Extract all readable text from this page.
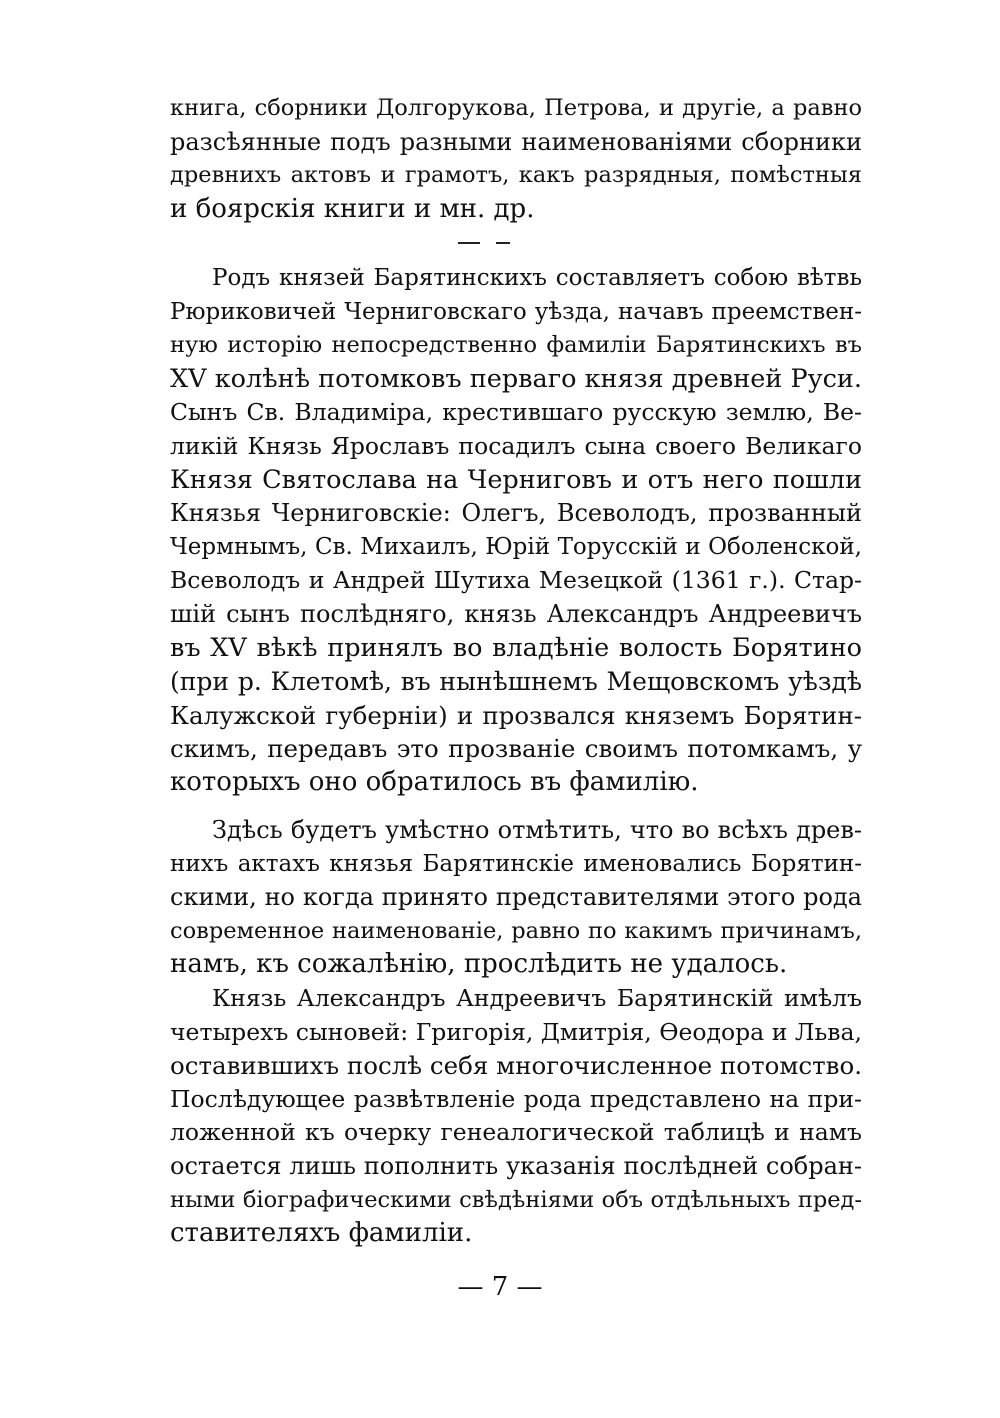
книга, сборники Долгорукова, Петрова, и другіе, а равно
разсѣянные подъ разными наименованіями сборники
древнихъ актовъ и грамотъ, какъ разрядныя, помѣстныя
и боярскія книги и мн. др.
Родъ князей Барятинскихъ составляетъ собою вѣтвь
Рюриковичей Черниговскаго уѣзда, начавъ преемствен-
ную исторію непосредственно фамиліи Барятинскихъ въ
XV колѣнѣ потомковъ перваго князя древней Руси.
Сынъ Св. Владиміра, крестившаго русскую землю, Ве-
ликій Князь Ярославъ посадилъ сына своего Великаго
Князя Святослава на Черниговъ и отъ него пошли
Князья Черниговскіе: Олегъ, Всеволодъ, прозванный
Чермнымъ, Св. Михаилъ, Юрій Торусскій и Оболенской,
Всеволодъ и Андрей Шутиха Мезецкой (1361 г.). Стар-
шій сынъ послѣдняго, князь Александръ Андреевичъ
въ XV вѣкѣ принялъ во владѣніе волость Борятино
(при р. Клетомѣ, въ нынѣшнемъ Мещовскомъ уѣздѣ
Калужской губерніи) и прозвался княземъ Борятин-
скимъ, передавъ это прозваніе своимъ потомкамъ, у
которыхъ оно обратилось въ фамилію.
Здѣсь будетъ умѣстно отмѣтить, что во всѣхъ древ-
нихъ актахъ князья Барятинскіе именовались Борятин-
скими, но когда принято представителями этого рода
современное наименованіе, равно по какимъ причинамъ,
намъ, къ сожалѣнію, прослѣдить не удалось.
Князь Александръ Андреевичъ Барятинскій имѣлъ
четырехъ сыновей: Григорія, Дмитрія, Ѳеодора и Льва,
оставившихъ послѣ себя многочисленное потомство.
Послѣдующее развѣтвленіе рода представлено на при-
ложенной къ очерку генеалогической таблицѣ и намъ
остается лишь пополнить указанія послѣдней собран-
ными біографическими свѣдѣніями объ отдѣльныхъ пред-
ставителяхъ фамиліи.
— 7 —
